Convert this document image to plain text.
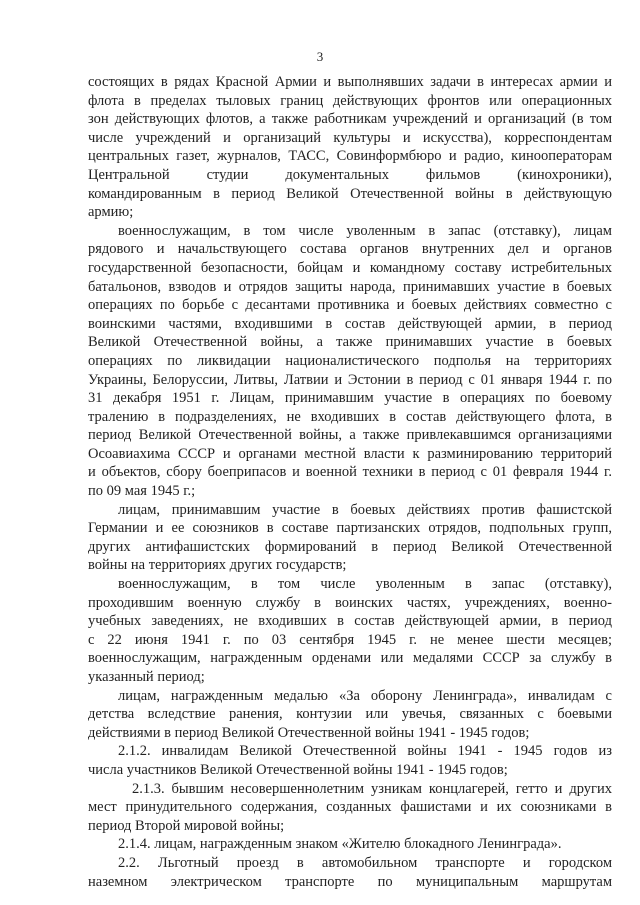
3
состоящих в рядах Красной Армии и выполнявших задачи в интересах армии и
флота в пределах тыловых границ действующих фронтов или операционных
зон действующих флотов, а также работникам учреждений и организаций (в том
числе учреждений и организаций культуры и искусства), корреспондентам
центральных газет, журналов, ТАСС, Совинформбюро и радио, кинооператорам
Центральной студии документальных фильмов (кинохроники),
командированным в период Великой Отечественной войны в действующую
армию;
военнослужащим, в том числе уволенным в запас (отставку), лицам
рядового и начальствующего состава органов внутренних дел и органов
государственной безопасности, бойцам и командному составу истребительных
батальонов, взводов и отрядов защиты народа, принимавших участие в боевых
операциях по борьбе с десантами противника и боевых действиях совместно с
воинскими частями, входившими в состав действующей армии, в период
Великой Отечественной войны, а также принимавших участие в боевых
операциях по ликвидации националистического подполья на территориях
Украины, Белоруссии, Литвы, Латвии и Эстонии в период с 01 января 1944 г. по
31 декабря 1951 г. Лицам, принимавшим участие в операциях по боевому
тралению в подразделениях, не входивших в состав действующего флота, в
период Великой Отечественной войны, а также привлекавшимся организациями
Осоавиахима СССР и органами местной власти к разминированию территорий
и объектов, сбору боеприпасов и военной техники в период с 01 февраля 1944 г.
по 09 мая 1945 г.;
лицам, принимавшим участие в боевых действиях против фашистской
Германии и ее союзников в составе партизанских отрядов, подпольных групп,
других антифашистских формирований в период Великой Отечественной
войны на территориях других государств;
военнослужащим, в том числе уволенным в запас (отставку),
проходившим военную службу в воинских частях, учреждениях, военно-
учебных заведениях, не входивших в состав действующей армии, в период
с 22 июня 1941 г. по 03 сентября 1945 г. не менее шести месяцев;
военнослужащим, награжденным орденами или медалями СССР за службу в
указанный период;
лицам, награжденным медалью «За оборону Ленинграда», инвалидам с
детства вследствие ранения, контузии или увечья, связанных с боевыми
действиями в период Великой Отечественной войны 1941 - 1945 годов;
2.1.2. инвалидам Великой Отечественной войны 1941 - 1945 годов из
числа участников Великой Отечественной войны 1941 - 1945 годов;
2.1.3. бывшим несовершеннолетним узникам концлагерей, гетто и других
мест принудительного содержания, созданных фашистами и их союзниками в
период Второй мировой войны;
2.1.4. лицам, награжденным знаком «Жителю блокадного Ленинграда».
2.2. Льготный проезд в автомобильном транспорте и городском
наземном электрическом транспорте по муниципальным маршрутам
